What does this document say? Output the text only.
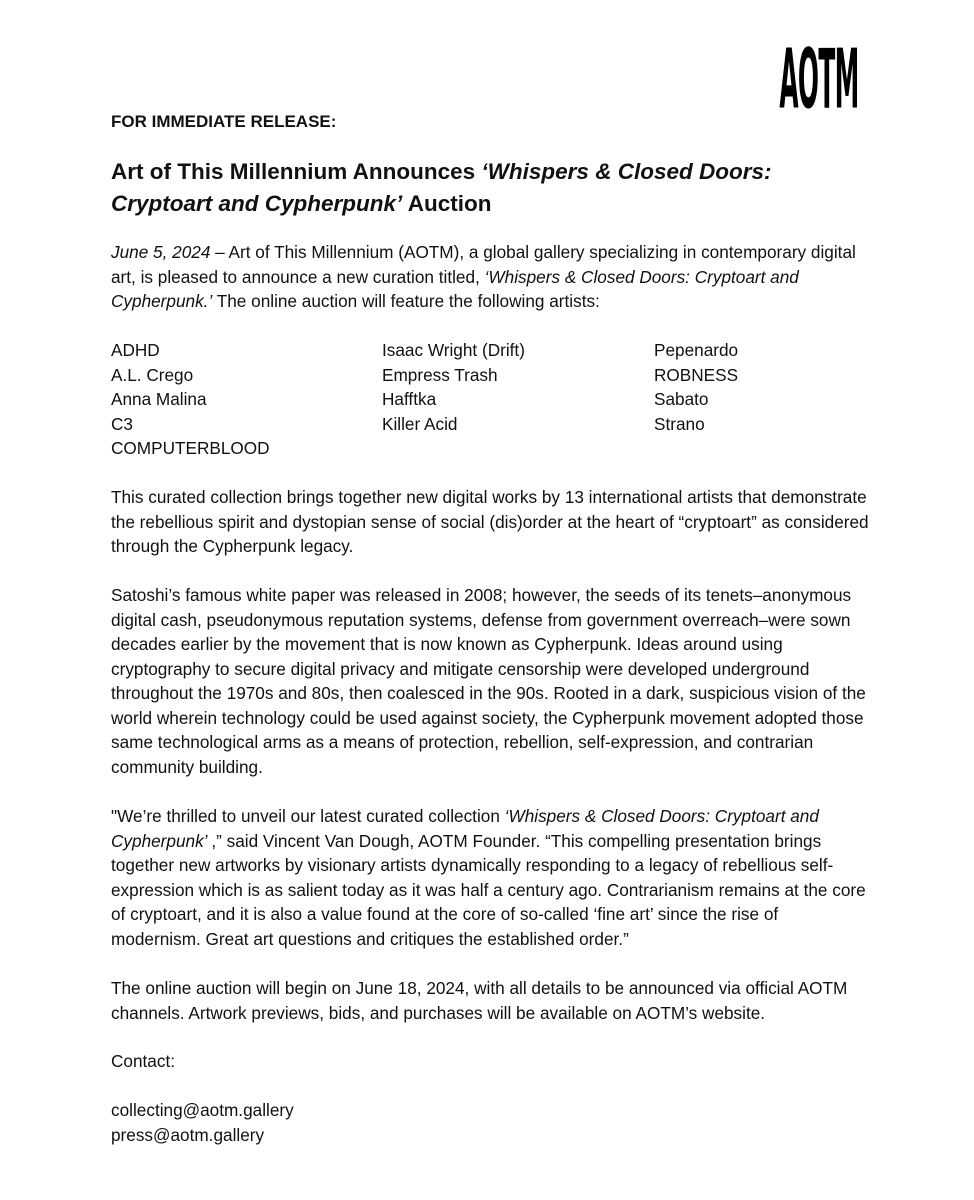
AOTM
FOR IMMEDIATE RELEASE:
Art of This Millennium Announces ‘Whispers & Closed Doors: Cryptoart and Cypherpunk’ Auction

June 5, 2024 – Art of This Millennium (AOTM), a global gallery specializing in contemporary digital art, is pleased to announce a new curation titled, ‘Whispers & Closed Doors: Cryptoart and Cypherpunk.’ The online auction will feature the following artists:

ADHD
A.L. Crego
Anna Malina
C3
COMPUTERBLOOD
Isaac Wright (Drift)
Empress Trash
Hafftka
Killer Acid
Pepenardo
ROBNESS
Sabato
Strano

This curated collection brings together new digital works by 13 international artists that demonstrate the rebellious spirit and dystopian sense of social (dis)order at the heart of “cryptoart” as considered through the Cypherpunk legacy.

Satoshi’s famous white paper was released in 2008; however, the seeds of its tenets–anonymous digital cash, pseudonymous reputation systems, defense from government overreach–were sown decades earlier by the movement that is now known as Cypherpunk. Ideas around using cryptography to secure digital privacy and mitigate censorship were developed underground throughout the 1970s and 80s, then coalesced in the 90s. Rooted in a dark, suspicious vision of the world wherein technology could be used against society, the Cypherpunk movement adopted those same technological arms as a means of protection, rebellion, self-expression, and contrarian community building.

"We’re thrilled to unveil our latest curated collection ‘Whispers & Closed Doors: Cryptoart and Cypherpunk’ ,” said Vincent Van Dough, AOTM Founder. “This compelling presentation brings together new artworks by visionary artists dynamically responding to a legacy of rebellious self-expression which is as salient today as it was half a century ago. Contrarianism remains at the core of cryptoart, and it is also a value found at the core of so-called ‘fine art’ since the rise of modernism. Great art questions and critiques the established order.”

The online auction will begin on June 18, 2024, with all details to be announced via official AOTM channels. Artwork previews, bids, and purchases will be available on AOTM’s website.

Contact:

collecting@aotm.gallery
press@aotm.gallery
